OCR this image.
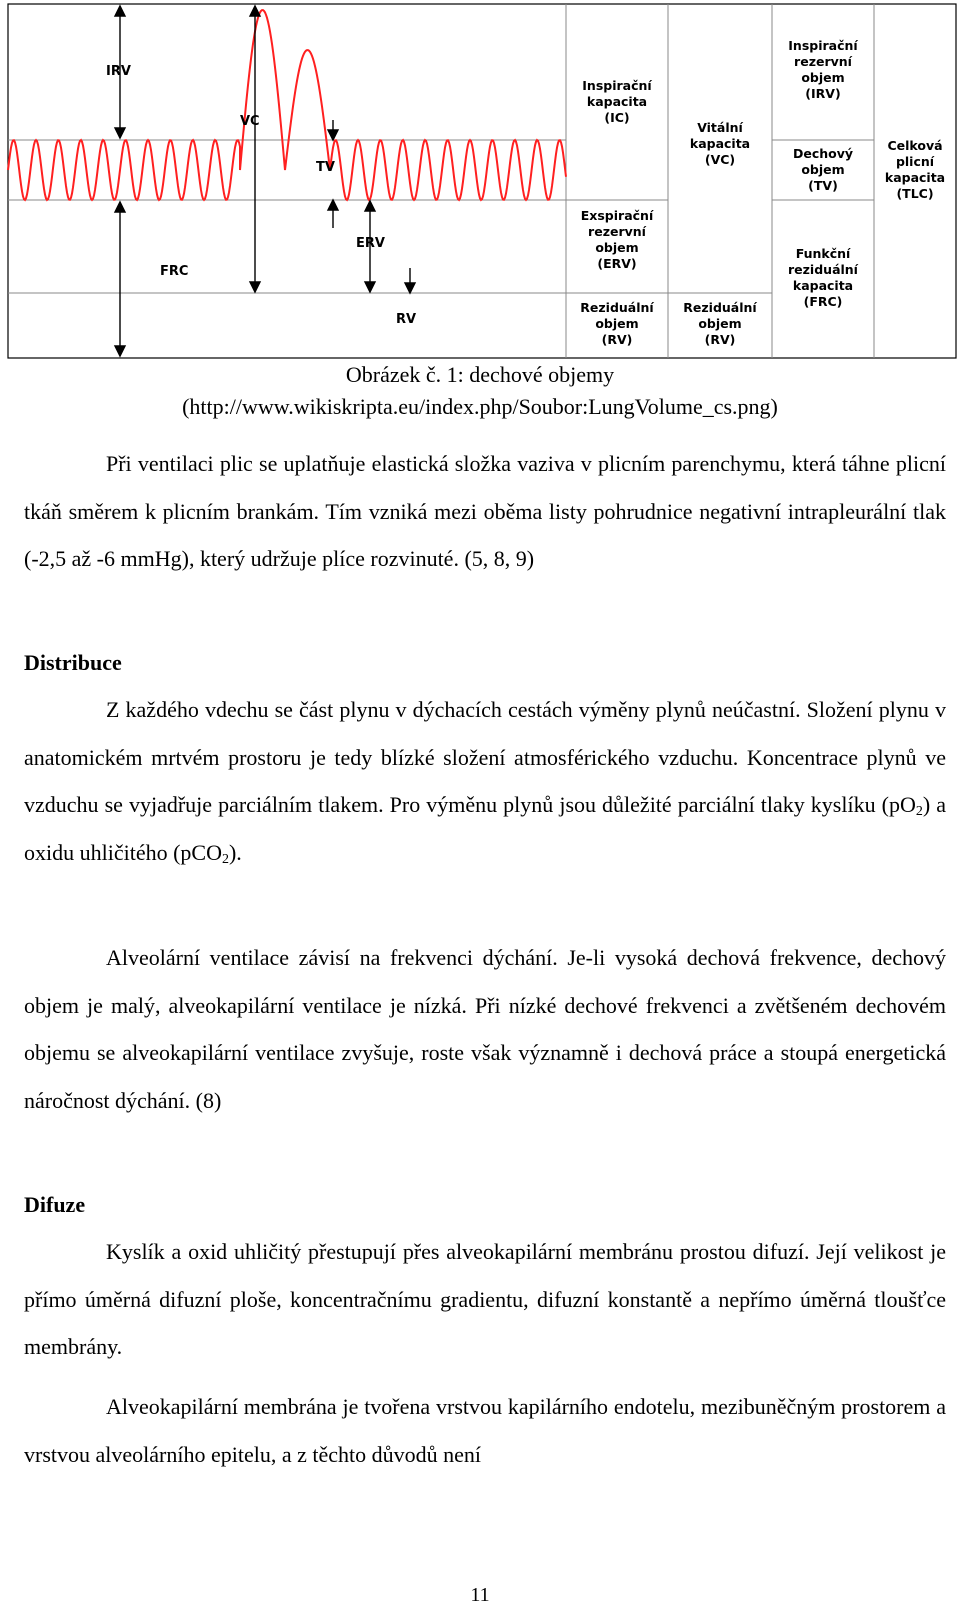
IRV
VC
TV
ERV
FRC
RV
Inspirační
kapacita
(IC)
Exspirační
rezervní
objem
(ERV)
Reziduální
objem
(RV)
Vitální
kapacita
(VC)
Reziduální
objem
(RV)
Inspirační
rezervní
objem
(IRV)
Dechový
objem
(TV)
Funkční
reziduální
kapacita
(FRC)
Celková
plicní
kapacita
(TLC)
Obrázek č. 1: dechové objemy
(http://www.wikiskripta.eu/index.php/Soubor:LungVolume_cs.png)

Při ventilaci plic se uplatňuje elastická složka vaziva v plicním parenchymu, která táhne plicní tkáň směrem k plicním brankám. Tím vzniká mezi oběma listy pohrudnice negativní intrapleurální tlak (-2,5 až -6 mmHg), který udržuje plíce rozvinuté. (5, 8, 9)

Distribuce

Z každého vdechu se část plynu v dýchacích cestách výměny plynů neúčastní. Složení plynu v anatomickém mrtvém prostoru je tedy blízké složení atmosférického vzduchu. Koncentrace plynů ve vzduchu se vyjadřuje parciálním tlakem. Pro výměnu plynů jsou důležité parciální tlaky kyslíku $(pO_2)$ a oxidu uhličitého (pCO$_2$).

Alveolární ventilace závisí na frekvenci dýchání. Je-li vysoká dechová frekvence, dechový objem je malý, alveokapilární ventilace je nízká. Při nízké dechové frekvenci a zvětšeném dechovém objemu se alveokapilární ventilace zvyšuje, roste však významně i dechová práce a stoupá energetická náročnost dýchání. (8)

Difuze

Kyslík a oxid uhličitý přestupují přes alveokapilární membránu prostou difuzí. Její velikost je přímo úměrná difuzní ploše, koncentračnímu gradientu, difuzní konstantě a nepřímo úměrná tloušťce membrány.

Alveokapilární membrána je tvořena vrstvou kapilárního endotelu, mezibuněčným prostorem a vrstvou alveolárního epitelu, a z těchto důvodů není

11
